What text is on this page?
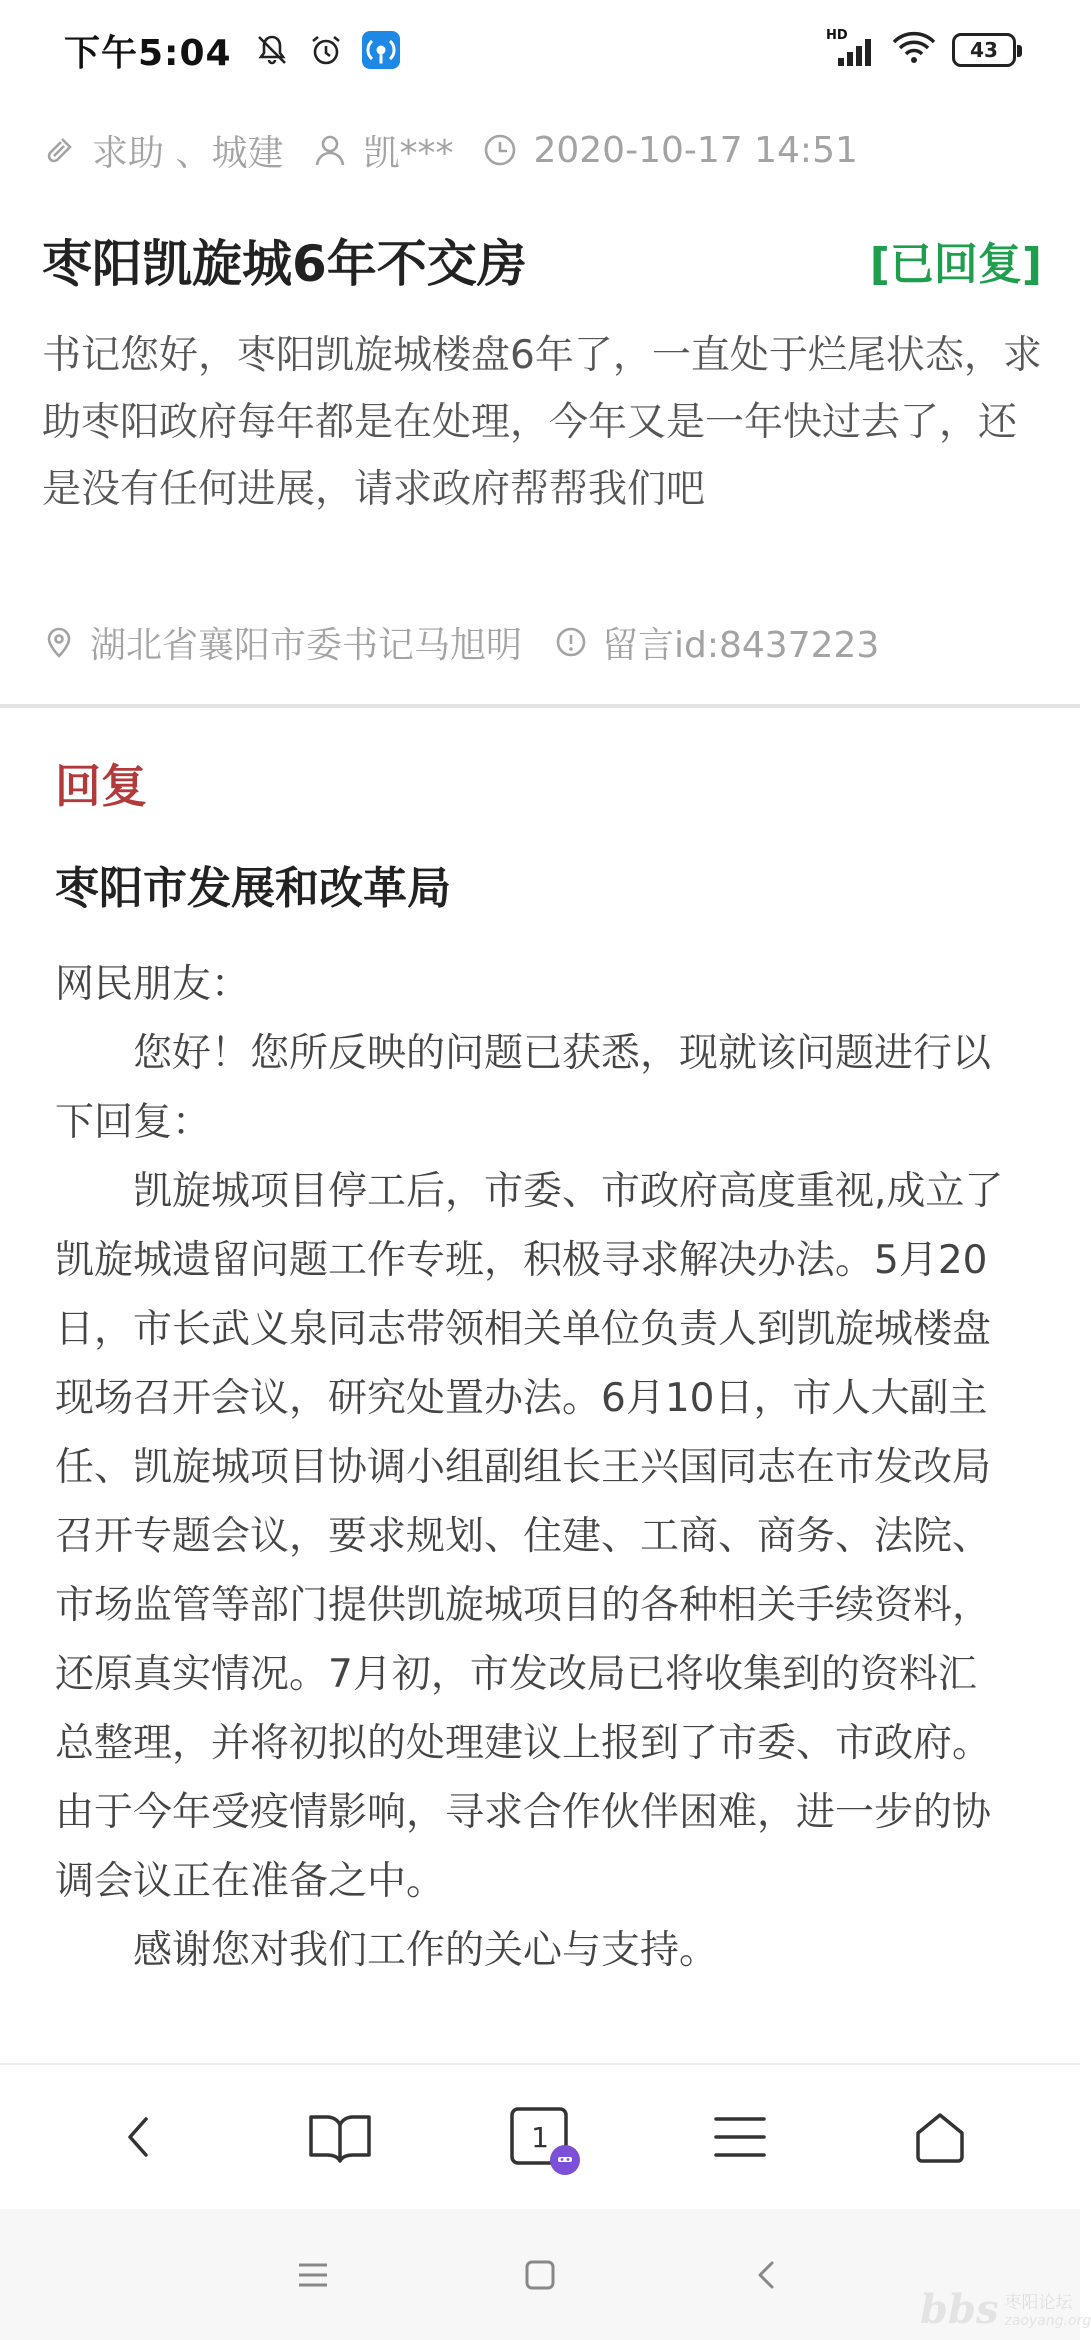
下午5:04	HD
43
求助 、城建 凯*** 2020-10-17 14:51
枣阳凯旋城6年不交房	[已回复]
书记您好，枣阳凯旋城楼盘6年了，一直处于烂尾状态，求助枣阳政府每年都是在处理，今年又是一年快过去了，还是没有任何进展，请求政府帮帮我们吧
湖北省襄阳市委书记马旭明 留言id:8437223
回复
枣阳市发展和改革局

网民朋友：

您好！您所反映的问题已获悉，现就该问题进行以下回复：

凯旋城项目停工后，市委、市政府高度重视,成立了凯旋城遗留问题工作专班，积极寻求解决办法。5月20日，市长武义泉同志带领相关单位负责人到凯旋城楼盘现场召开会议，研究处置办法。6月10日，市人大副主任、凯旋城项目协调小组副组长王兴国同志在市发改局召开专题会议，要求规划、住建、工商、商务、法院、市场监管等部门提供凯旋城项目的各种相关手续资料，还原真实情况。7月初，市发改局已将收集到的资料汇总整理，并将初拟的处理建议上报到了市委、市政府。由于今年受疫情影响，寻求合作伙伴困难，进一步的协调会议正在准备之中。

感谢您对我们工作的关心与支持。

1
bbs 枣阳论坛
zaoyang.org
